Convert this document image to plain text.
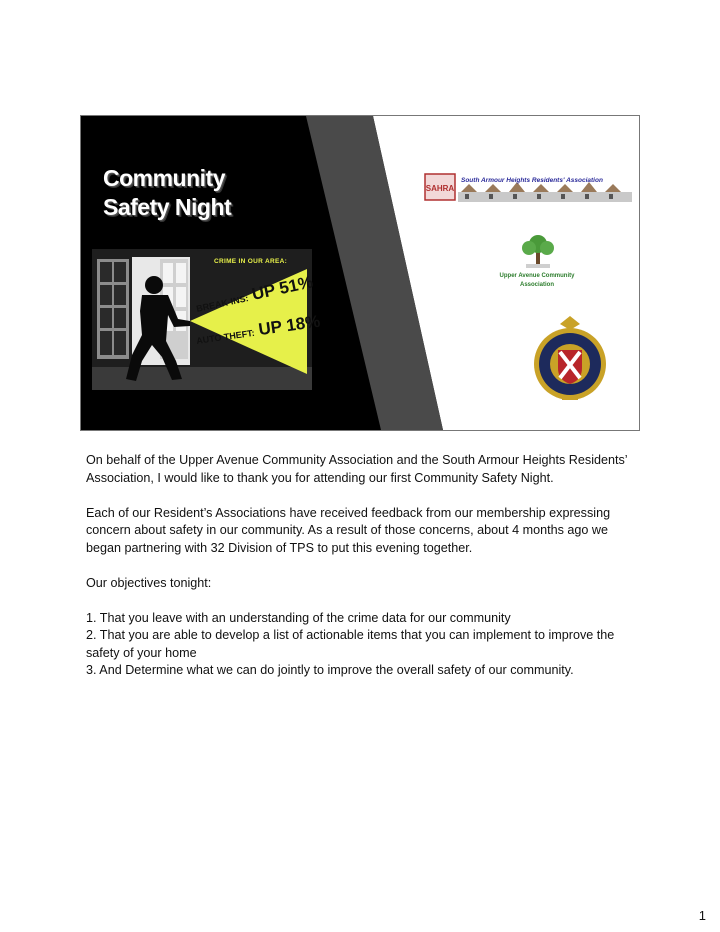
Community
Safety Night
CRIME IN OUR AREA:
BREAK-INS: UP 51%
AUTO THEFT: UP 18%
SAHRA
South Armour Heights Residents' Association
Upper Avenue Community
Association

On behalf of the Upper Avenue Community Association and the South Armour Heights Residents’ Association, I would like to thank you for attending our first Community Safety Night.

Each of our Resident’s Associations have received feedback from our membership expressing concern about safety in our community. As a result of those concerns, about 4 months ago we began partnering with 32 Division of TPS to put this evening together.

Our objectives tonight:

1. That you leave with an understanding of the crime data for our community

2. That you are able to develop a list of actionable items that you can implement to improve the safety of your home

3. And Determine what we can do jointly to improve the overall safety of our community.

1
